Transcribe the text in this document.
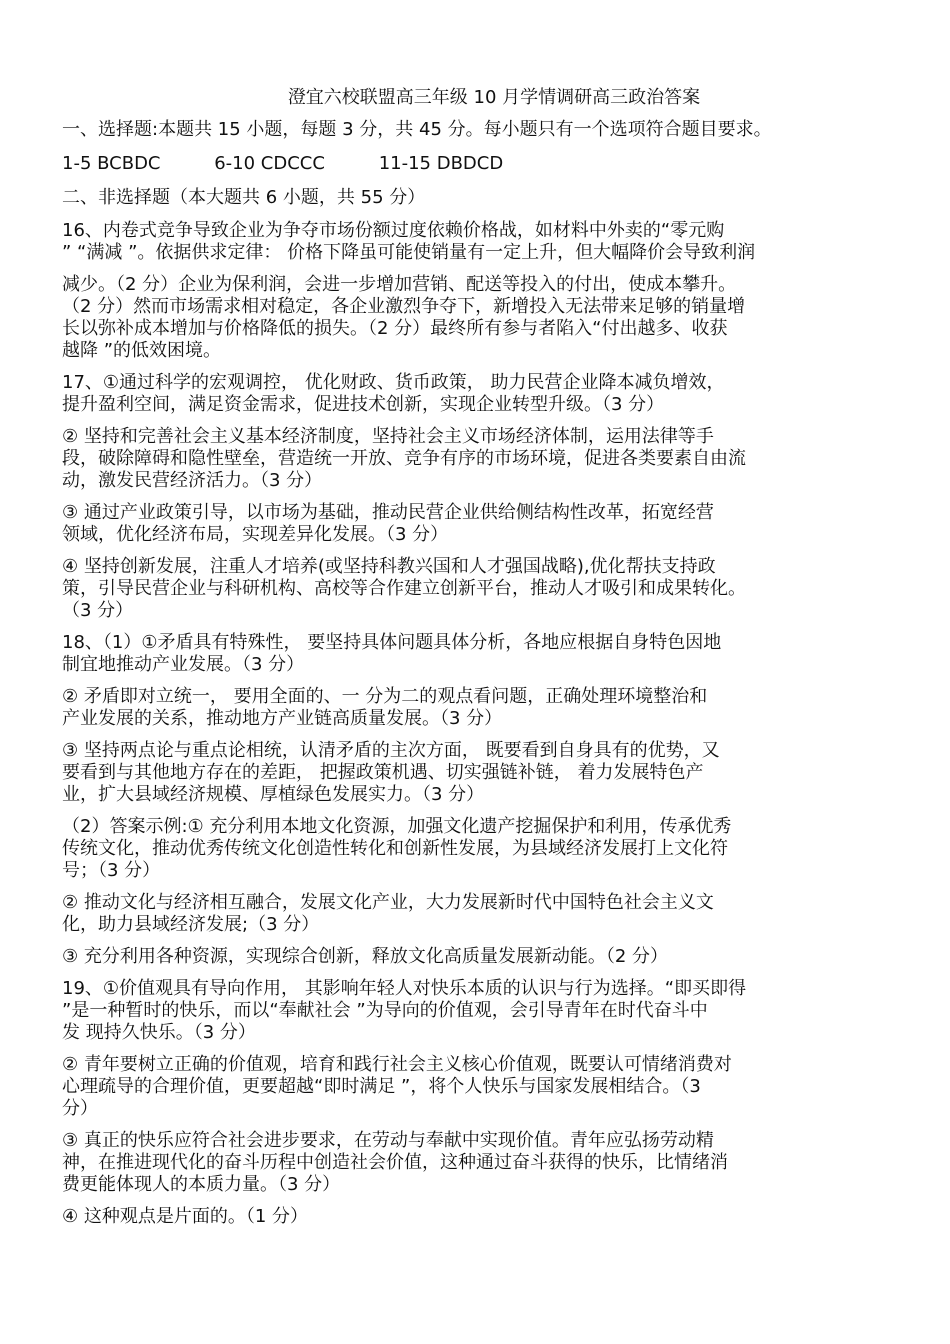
澄宜六校联盟高三年级 10 月学情调研高三政治答案
一、选择题:本题共 15 小题，每题 3 分，共 45 分。每小题只有一个选项符合题目要求。
1-5 BCBDC	6-10 CDCCC	11-15 DBDCD
二、非选择题（本大题共 6 小题，共 55 分）
16、内卷式竞争导致企业为争夺市场份额过度依赖价格战，如材料中外卖的“零元购
” “满减 ”。依据供求定律： 价格下降虽可能使销量有一定上升，但大幅降价会导致利润
减少。（2 分）企业为保利润，会进一步增加营销、配送等投入的付出，使成本攀升。
（2 分）然而市场需求相对稳定，各企业激烈争夺下，新增投入无法带来足够的销量增
长以弥补成本增加与价格降低的损失。（2 分）最终所有参与者陷入“付出越多、收获
越降 ”的低效困境。
17、①通过科学的宏观调控， 优化财政、货币政策， 助力民营企业降本减负增效，
提升盈利空间，满足资金需求，促进技术创新，实现企业转型升级。（3 分）
② 坚持和完善社会主义基本经济制度，坚持社会主义市场经济体制，运用法律等手
段，破除障碍和隐性壁垒，营造统一开放、竞争有序的市场环境，促进各类要素自由流
动，激发民营经济活力。（3 分）
③ 通过产业政策引导，以市场为基础，推动民营企业供给侧结构性改革，拓宽经营
领域，优化经济布局，实现差异化发展。（3 分）
④ 坚持创新发展，注重人才培养(或坚持科教兴国和人才强国战略),优化帮扶支持政
策，引导民营企业与科研机构、高校等合作建立创新平台，推动人才吸引和成果转化。
（3 分）
18、（1）①矛盾具有特殊性， 要坚持具体问题具体分析，各地应根据自身特色因地
制宜地推动产业发展。（3 分）
② 矛盾即对立统一， 要用全面的、一 分为二的观点看问题，正确处理环境整治和
产业发展的关系，推动地方产业链高质量发展。（3 分）
③ 坚持两点论与重点论相统，认清矛盾的主次方面， 既要看到自身具有的优势，又
要看到与其他地方存在的差距， 把握政策机遇、切实强链补链， 着力发展特色产
业，扩大县域经济规模、厚植绿色发展实力。（3 分）
（2）答案示例:① 充分利用本地文化资源，加强文化遗产挖掘保护和利用，传承优秀
传统文化，推动优秀传统文化创造性转化和创新性发展，为县域经济发展打上文化符
号；（3 分）
② 推动文化与经济相互融合，发展文化产业，大力发展新时代中国特色社会主义文
化，助力县域经济发展;（3 分）
③ 充分利用各种资源，实现综合创新，释放文化高质量发展新动能。（2 分）
19、①价值观具有导向作用， 其影响年轻人对快乐本质的认识与行为选择。“即买即得
”是一种暂时的快乐，而以“奉献社会 ”为导向的价值观，会引导青年在时代奋斗中
发 现持久快乐。（3 分）
② 青年要树立正确的价值观，培育和践行社会主义核心价值观，既要认可情绪消费对
心理疏导的合理价值，更要超越“即时满足 ”，将个人快乐与国家发展相结合。（3
分）
③ 真正的快乐应符合社会进步要求，在劳动与奉献中实现价值。青年应弘扬劳动精
神，在推进现代化的奋斗历程中创造社会价值，这种通过奋斗获得的快乐，比情绪消
费更能体现人的本质力量。（3 分）
④ 这种观点是片面的。（1 分）
